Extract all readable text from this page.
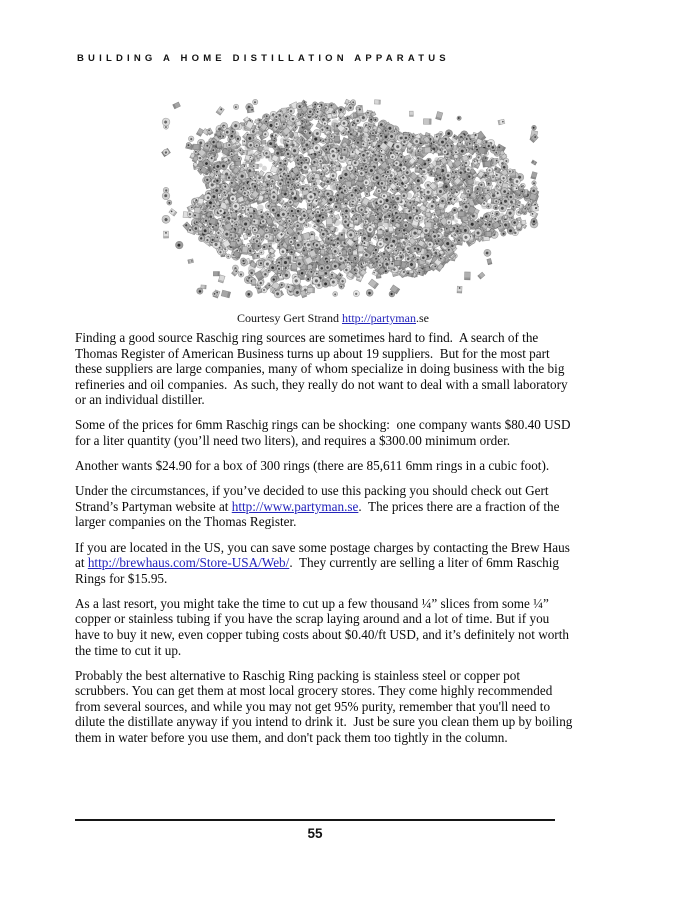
BUILDING A HOME DISTILLATION APPARATUS
Courtesy Gert Strand http://partyman.se

Finding a good source Raschig ring sources are sometimes hard to find.  A search of the Thomas Register of American Business turns up about 19 suppliers.  But for the most part these suppliers are large companies, many of whom specialize in doing business with the big refineries and oil companies.  As such, they really do not want to deal with a small laboratory or an individual distiller.

Some of the prices for 6mm Raschig rings can be shocking:  one company wants $80.40 USD for a liter quantity (you’ll need two liters), and requires a $300.00 minimum order.

Another wants $24.90 for a box of 300 rings (there are 85,611 6mm rings in a cubic foot).

Under the circumstances, if you’ve decided to use this packing you should check out Gert Strand’s Partyman website at http://www.partyman.se.  The prices there are a fraction of the larger companies on the Thomas Register.

If you are located in the US, you can save some postage charges by contacting the Brew Haus at http://brewhaus.com/Store-USA/Web/.  They currently are selling a liter of 6mm Raschig Rings for $15.95.

As a last resort, you might take the time to cut up a few thousand ¼” slices from some ¼” copper or stainless tubing if you have the scrap laying around and a lot of time. But if you have to buy it new, even copper tubing costs about $0.40/ft USD, and it’s definitely not worth the time to cut it up.

Probably the best alternative to Raschig Ring packing is stainless steel or copper pot scrubbers. You can get them at most local grocery stores. They come highly recommended from several sources, and while you may not get 95% purity, remember that you'll need to dilute the distillate anyway if you intend to drink it.  Just be sure you clean them up by boiling them in water before you use them, and don't pack them too tightly in the column.

55
